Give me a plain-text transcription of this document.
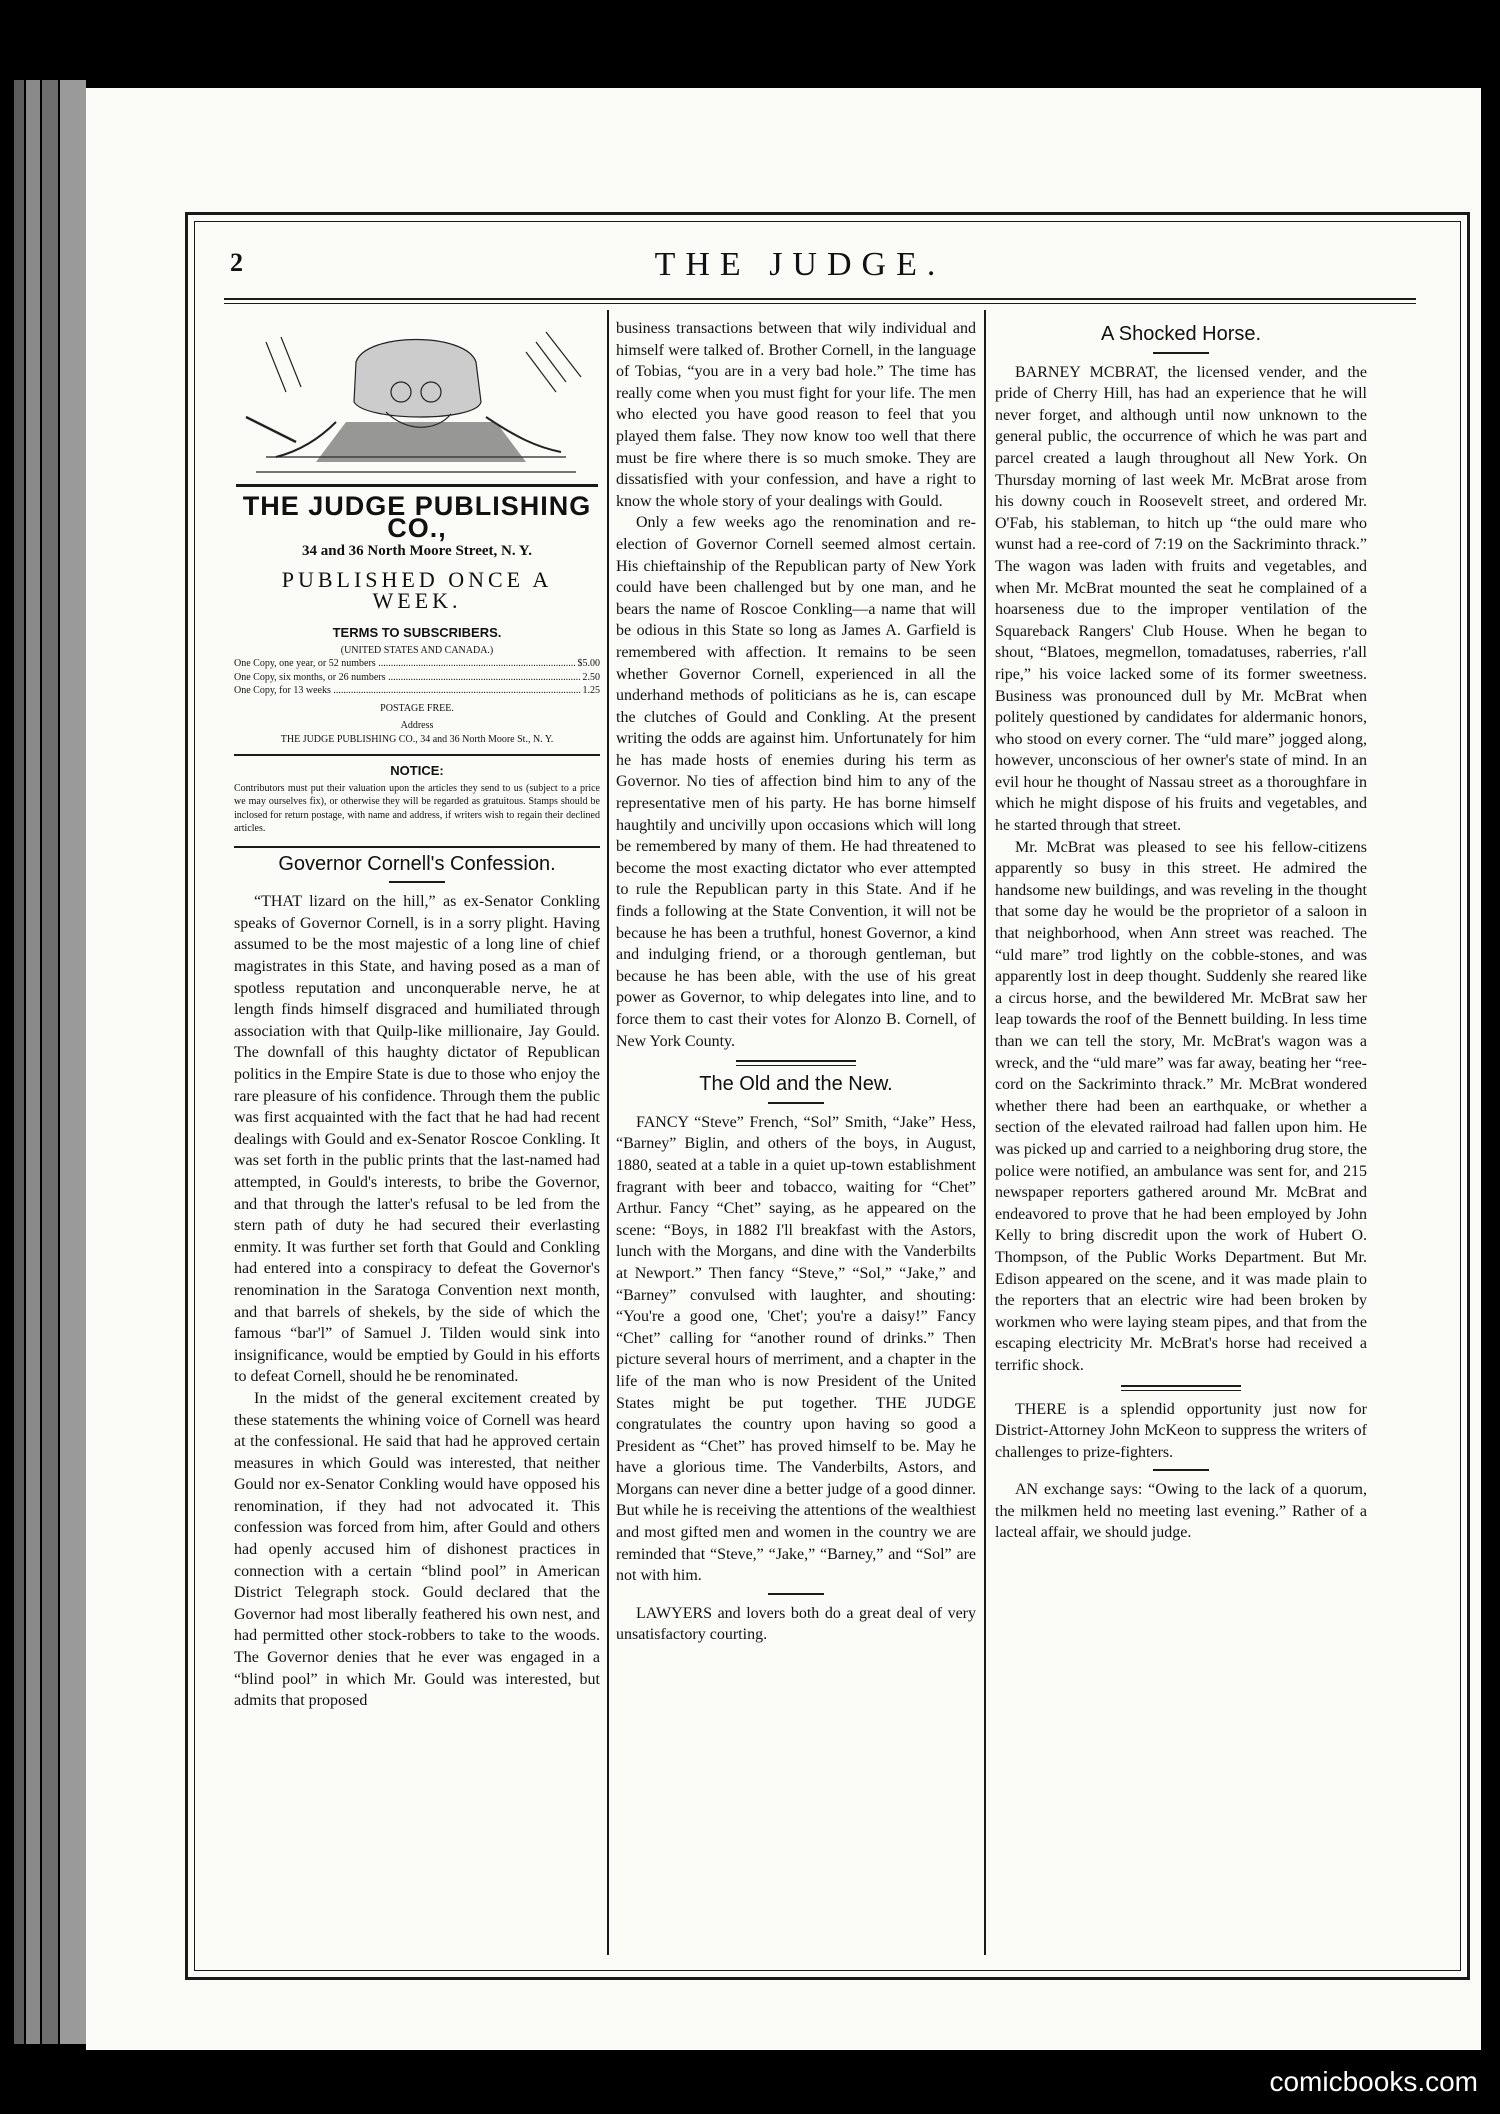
2	THE JUDGE.
THE JUDGE PUBLISHING CO.,
34 and 36 North Moore Street, N. Y.
PUBLISHED ONCE A WEEK.
TERMS TO SUBSCRIBERS.
(UNITED STATES AND CANADA.)
One Copy, one year, or 52 numbers .....	$5.00
One Copy, six months, or 26 numbers .....	2.50
One Copy, for 13 weeks .....	1.25
POSTAGE FREE.
Address
THE JUDGE PUBLISHING CO., 34 and 36 North Moore St., N. Y.
NOTICE:
Contributors must put their valuation upon the articles they send to us (subject to a price we may ourselves fix), or otherwise they will be regarded as gratuitous. Stamps should be inclosed for return postage, with name and address, if writers wish to regain their declined articles.
Governor Cornell's Confession.

“THAT lizard on the hill,” as ex-Senator Conkling speaks of Governor Cornell, is in a sorry plight. Having assumed to be the most majestic of a long line of chief magistrates in this State, and having posed as a man of spotless reputation and unconquerable nerve, he at length finds himself disgraced and humiliated through association with that Quilp-like millionaire, Jay Gould. The downfall of this haughty dictator of Republican politics in the Empire State is due to those who enjoy the rare pleasure of his confidence. Through them the public was first acquainted with the fact that he had had recent dealings with Gould and ex-Senator Roscoe Conkling. It was set forth in the public prints that the last-named had attempted, in Gould's interests, to bribe the Governor, and that through the latter's refusal to be led from the stern path of duty he had secured their everlasting enmity. It was further set forth that Gould and Conkling had entered into a conspiracy to defeat the Governor's renomination in the Saratoga Convention next month, and that barrels of shekels, by the side of which the famous “bar'l” of Samuel J. Tilden would sink into insignificance, would be emptied by Gould in his efforts to defeat Cornell, should he be renominated.

In the midst of the general excitement created by these statements the whining voice of Cornell was heard at the confessional. He said that had he approved certain measures in which Gould was interested, that neither Gould nor ex-Senator Conkling would have opposed his renomination, if they had not advocated it. This confession was forced from him, after Gould and others had openly accused him of dishonest practices in connection with a certain “blind pool” in American District Telegraph stock. Gould declared that the Governor had most liberally feathered his own nest, and had permitted other stock-robbers to take to the woods. The Governor denies that he ever was engaged in a “blind pool” in which Mr. Gould was interested, but admits that proposed

business transactions between that wily individual and himself were talked of. Brother Cornell, in the language of Tobias, “you are in a very bad hole.” The time has really come when you must fight for your life. The men who elected you have good reason to feel that you played them false. They now know too well that there must be fire where there is so much smoke. They are dissatisfied with your confession, and have a right to know the whole story of your dealings with Gould.

Only a few weeks ago the renomination and re-election of Governor Cornell seemed almost certain. His chieftainship of the Republican party of New York could have been challenged but by one man, and he bears the name of Roscoe Conkling—a name that will be odious in this State so long as James A. Garfield is remembered with affection. It remains to be seen whether Governor Cornell, experienced in all the underhand methods of politicians as he is, can escape the clutches of Gould and Conkling. At the present writing the odds are against him. Unfortunately for him he has made hosts of enemies during his term as Governor. No ties of affection bind him to any of the representative men of his party. He has borne himself haughtily and uncivilly upon occasions which will long be remembered by many of them. He had threatened to become the most exacting dictator who ever attempted to rule the Republican party in this State. And if he finds a following at the State Convention, it will not be because he has been a truthful, honest Governor, a kind and indulging friend, or a thorough gentleman, but because he has been able, with the use of his great power as Governor, to whip delegates into line, and to force them to cast their votes for Alonzo B. Cornell, of New York County.

The Old and the New.

FANCY “Steve” French, “Sol” Smith, “Jake” Hess, “Barney” Biglin, and others of the boys, in August, 1880, seated at a table in a quiet up-town establishment fragrant with beer and tobacco, waiting for “Chet” Arthur. Fancy “Chet” saying, as he appeared on the scene: “Boys, in 1882 I'll breakfast with the Astors, lunch with the Morgans, and dine with the Vanderbilts at Newport.” Then fancy “Steve,” “Sol,” “Jake,” and “Barney” convulsed with laughter, and shouting: “You're a good one, 'Chet'; you're a daisy!” Fancy “Chet” calling for “another round of drinks.” Then picture several hours of merriment, and a chapter in the life of the man who is now President of the United States might be put together. THE JUDGE congratulates the country upon having so good a President as “Chet” has proved himself to be. May he have a glorious time. The Vanderbilts, Astors, and Morgans can never dine a better judge of a good dinner. But while he is receiving the attentions of the wealthiest and most gifted men and women in the country we are reminded that “Steve,” “Jake,” “Barney,” and “Sol” are not with him.

LAWYERS and lovers both do a great deal of very unsatisfactory courting.

A Shocked Horse.

BARNEY MCBRAT, the licensed vender, and the pride of Cherry Hill, has had an experience that he will never forget, and although until now unknown to the general public, the occurrence of which he was part and parcel created a laugh throughout all New York. On Thursday morning of last week Mr. McBrat arose from his downy couch in Roosevelt street, and ordered Mr. O'Fab, his stableman, to hitch up “the ould mare who wunst had a ree-cord of 7:19 on the Sackriminto thrack.” The wagon was laden with fruits and vegetables, and when Mr. McBrat mounted the seat he complained of a hoarseness due to the improper ventilation of the Squareback Rangers' Club House. When he began to shout, “Blatoes, megmellon, tomadatuses, raberries, r'all ripe,” his voice lacked some of its former sweetness. Business was pronounced dull by Mr. McBrat when politely questioned by candidates for aldermanic honors, who stood on every corner. The “uld mare” jogged along, however, unconscious of her owner's state of mind. In an evil hour he thought of Nassau street as a thoroughfare in which he might dispose of his fruits and vegetables, and he started through that street.

Mr. McBrat was pleased to see his fellow-citizens apparently so busy in this street. He admired the handsome new buildings, and was reveling in the thought that some day he would be the proprietor of a saloon in that neighborhood, when Ann street was reached. The “uld mare” trod lightly on the cobble-stones, and was apparently lost in deep thought. Suddenly she reared like a circus horse, and the bewildered Mr. McBrat saw her leap towards the roof of the Bennett building. In less time than we can tell the story, Mr. McBrat's wagon was a wreck, and the “uld mare” was far away, beating her “ree-cord on the Sackriminto thrack.” Mr. McBrat wondered whether there had been an earthquake, or whether a section of the elevated railroad had fallen upon him. He was picked up and carried to a neighboring drug store, the police were notified, an ambulance was sent for, and 215 newspaper reporters gathered around Mr. McBrat and endeavored to prove that he had been employed by John Kelly to bring discredit upon the work of Hubert O. Thompson, of the Public Works Department. But Mr. Edison appeared on the scene, and it was made plain to the reporters that an electric wire had been broken by workmen who were laying steam pipes, and that from the escaping electricity Mr. McBrat's horse had received a terrific shock.

THERE is a splendid opportunity just now for District-Attorney John McKeon to suppress the writers of challenges to prize-fighters.

AN exchange says: “Owing to the lack of a quorum, the milkmen held no meeting last evening.” Rather of a lacteal affair, we should judge.

comicbooks.com
